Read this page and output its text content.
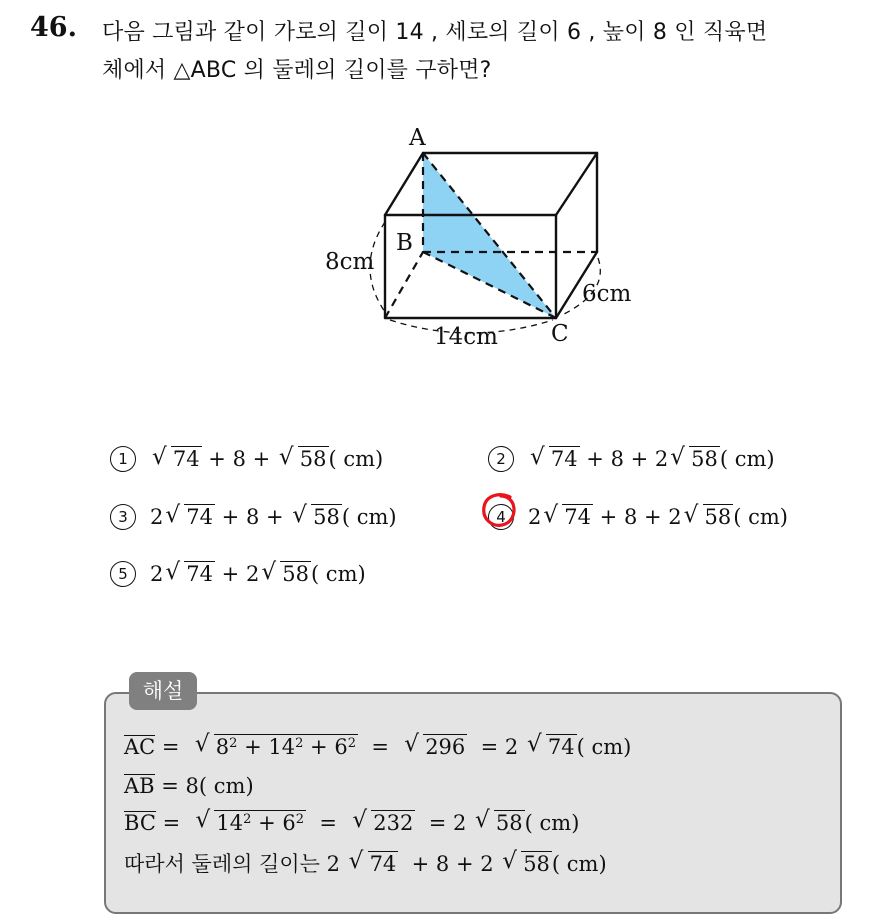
46. 다음 그림과 같이 가로의 길이 14 , 세로의 길이 6 , 높이 8 인 직육면
체에서 △ABC 의 둘레의 길이를 구하면?
A
B
C
8cm
14cm
6cm
1	√ 74 + 8 +	√ 58 ( cm)	2	√ 74 + 8 + 2	√ 58 ( cm)
3	2	√ 74 + 8 +	√ 58 ( cm)	4	2	√ 74 + 8 + 2	√ 58 ( cm)
5	2	√ 74 + 2	√ 58 ( cm)
해설
AC =  √ $8^2 + 14^2 + 6^2$  =  √ 296  = 2 √ 74( cm)
AB = 8( cm)
BC =  √ $14^2 + 6^2$  =  √ 232  = 2 √ 58( cm)
따라서 둘레의 길이는 2 √ 74  + 8 + 2 √ 58( cm)
